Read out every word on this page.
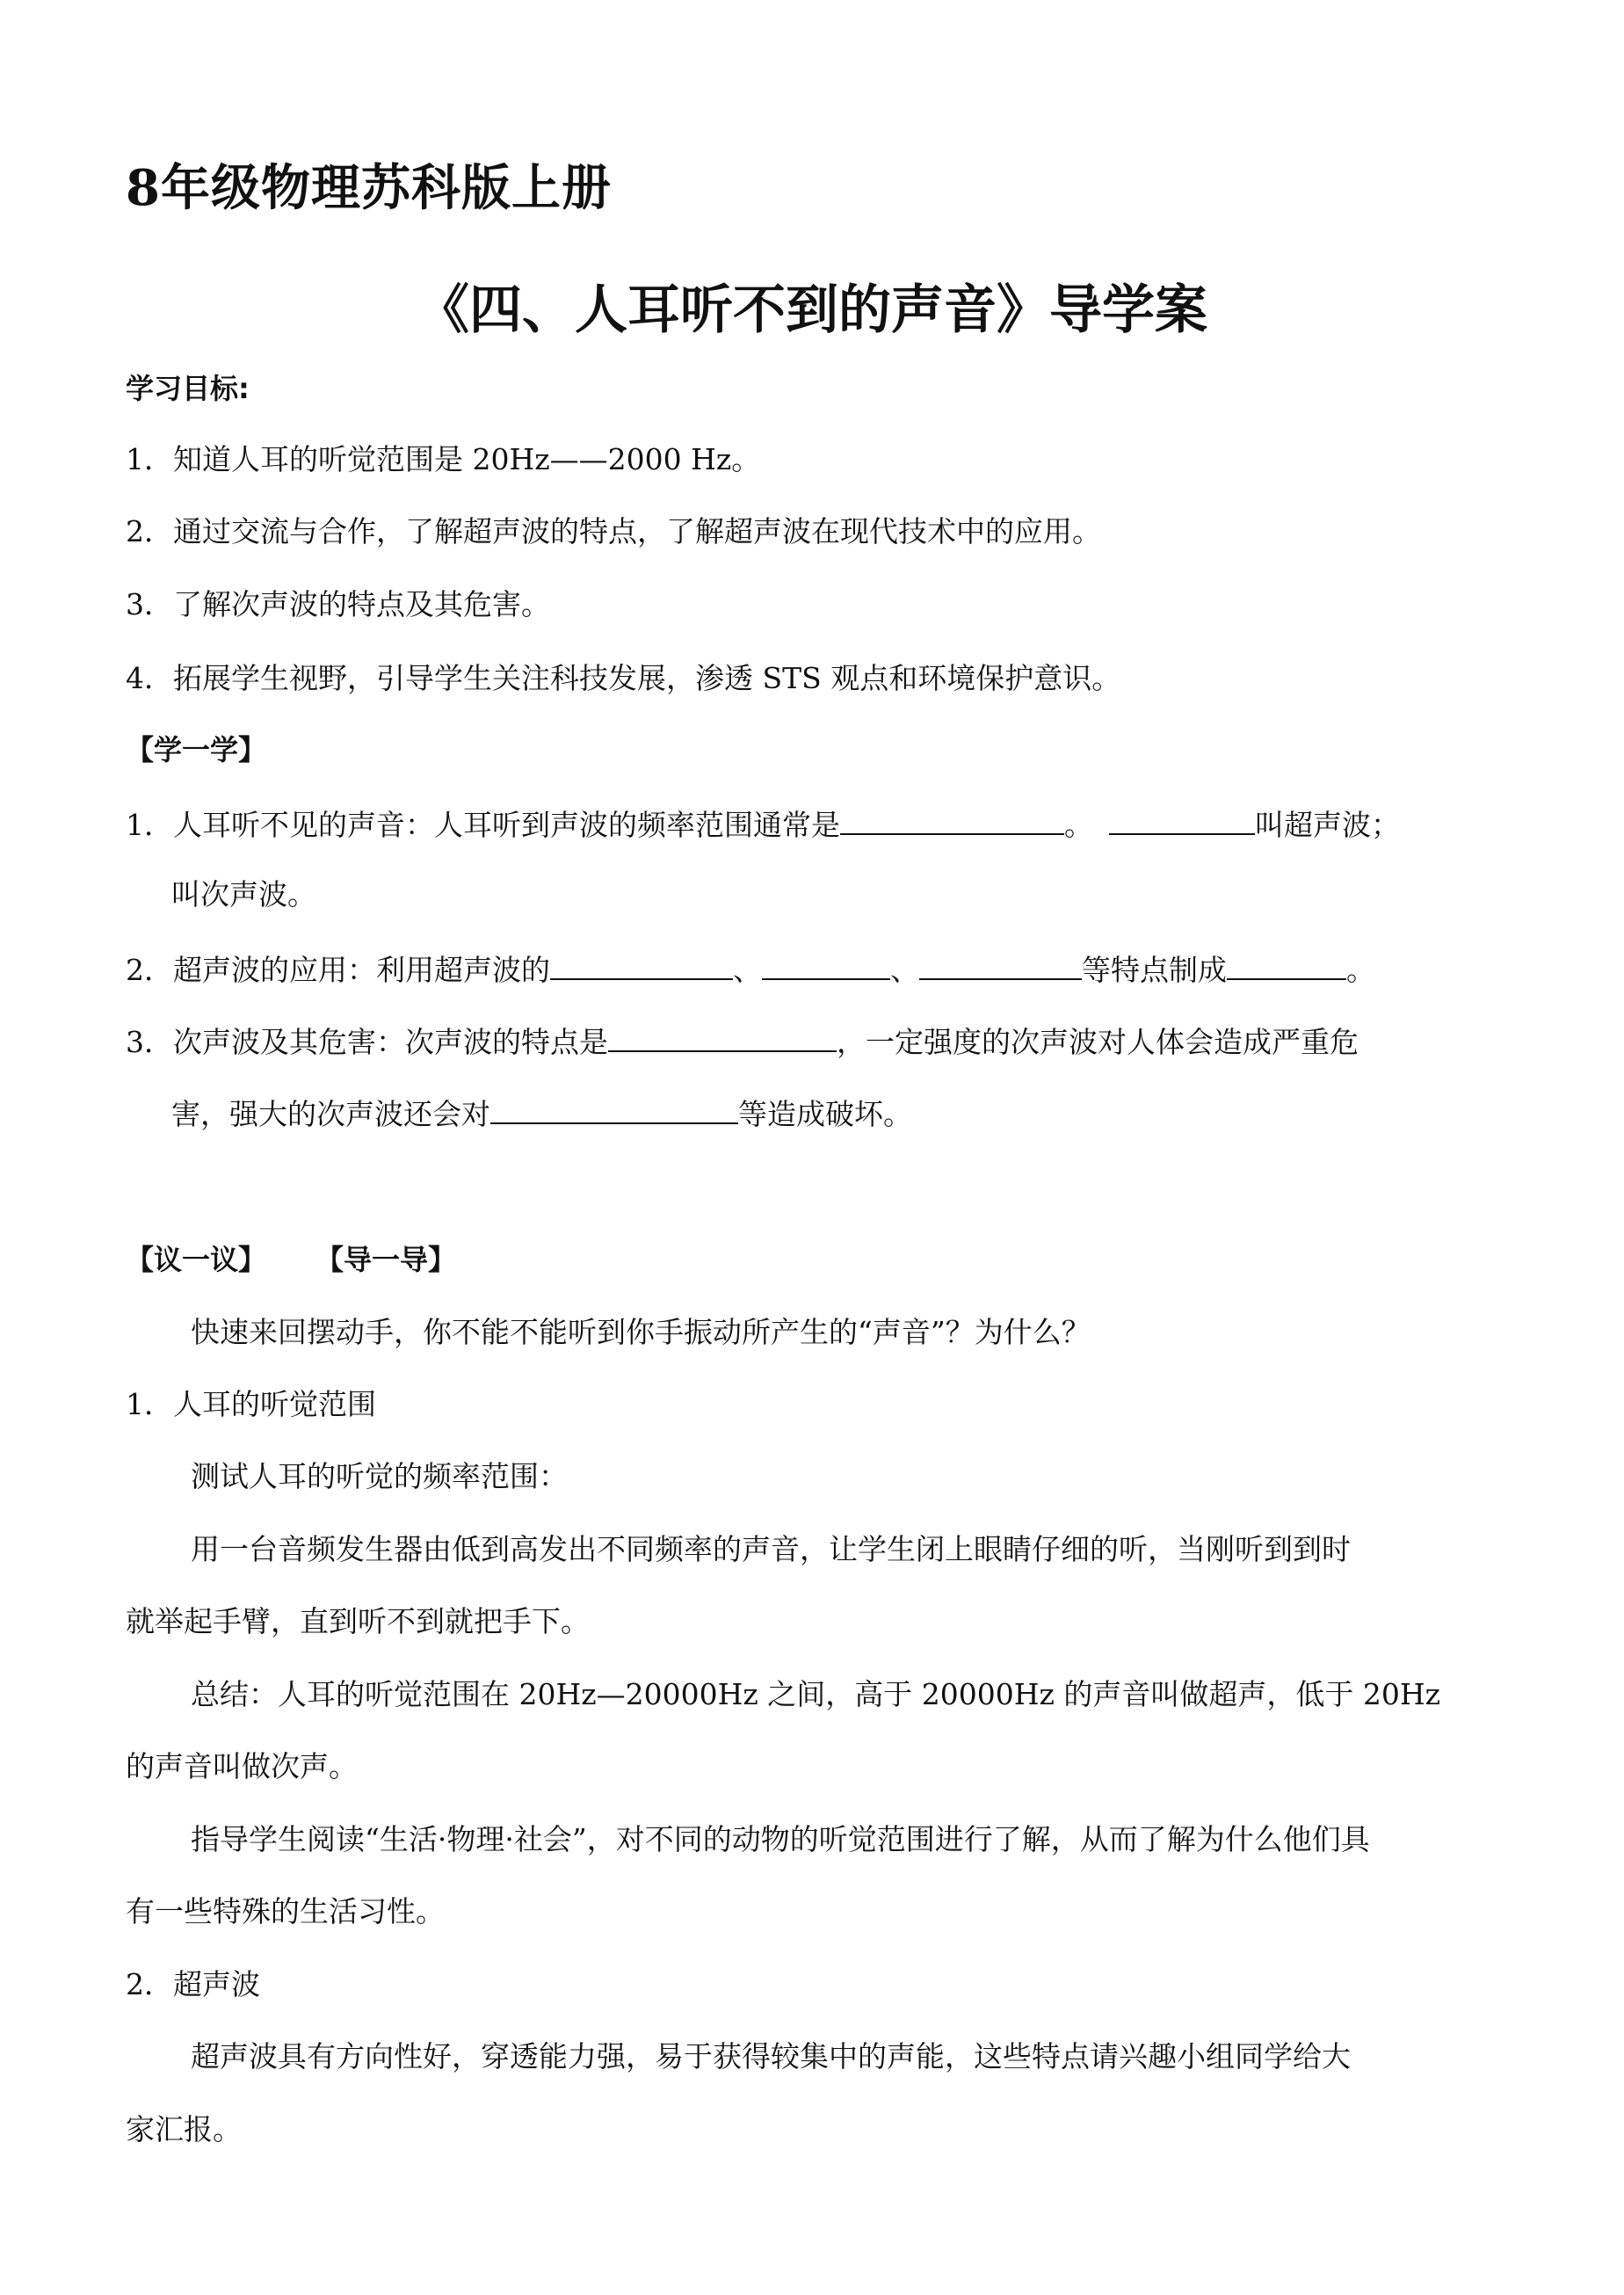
8年级物理苏科版上册
《四、人耳听不到的声音》导学案
学习目标:
1．知道人耳的听觉范围是 20Hz——2000 Hz。
2．通过交流与合作，了解超声波的特点，了解超声波在现代技术中的应用。
3．了解次声波的特点及其危害。
4．拓展学生视野，引导学生关注科技发展，渗透 STS 观点和环境保护意识。
【学一学】
1．人耳听不见的声音：人耳听到声波的频率范围通常是	。	叫超声波；
叫次声波。
2．超声波的应用：利用超声波的	、	、	等特点制成	。
3．次声波及其危害：次声波的特点是	，一定强度的次声波对人体会造成严重危
害，强大的次声波还会对	等造成破坏。
【议一议】 【导一导】
快速来回摆动手，你不能不能听到你手振动所产生的“声音”？为什么？
1．人耳的听觉范围
测试人耳的听觉的频率范围：
用一台音频发生器由低到高发出不同频率的声音，让学生闭上眼睛仔细的听，当刚听到到时
就举起手臂，直到听不到就把手下。
总结：人耳的听觉范围在 20Hz—20000Hz 之间，高于 20000Hz 的声音叫做超声，低于 20Hz
的声音叫做次声。
指导学生阅读“生活·物理·社会”，对不同的动物的听觉范围进行了解，从而了解为什么他们具
有一些特殊的生活习性。
2．超声波
超声波具有方向性好，穿透能力强，易于获得较集中的声能，这些特点请兴趣小组同学给大
家汇报。
